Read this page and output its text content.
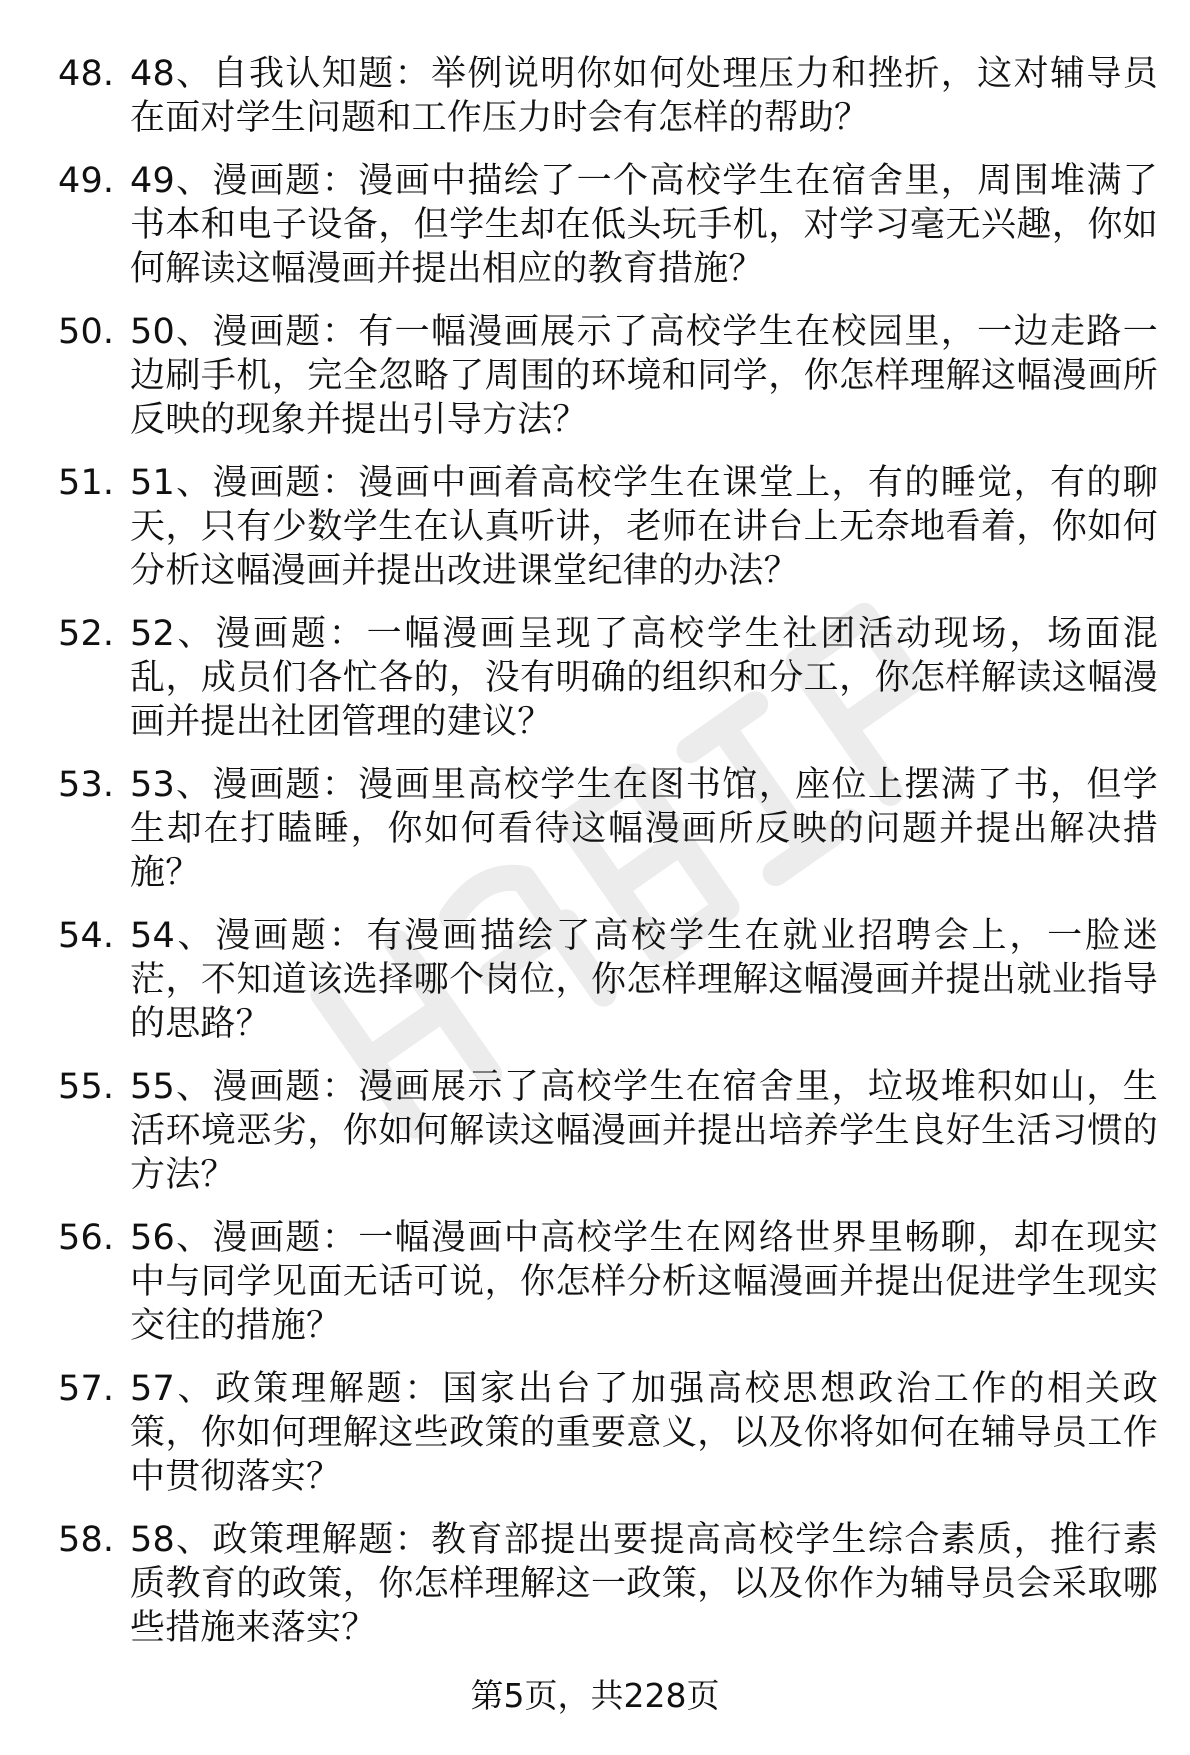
48. 48、自我认知题：举例说明你如何处理压力和挫折，这对辅导员在面对学生问题和工作压力时会有怎样的帮助？
49. 49、漫画题：漫画中描绘了一个高校学生在宿舍里，周围堆满了书本和电子设备，但学生却在低头玩手机，对学习毫无兴趣，你如何解读这幅漫画并提出相应的教育措施？
50. 50、漫画题：有一幅漫画展示了高校学生在校园里，一边走路一边刷手机，完全忽略了周围的环境和同学，你怎样理解这幅漫画所反映的现象并提出引导方法？
51. 51、漫画题：漫画中画着高校学生在课堂上，有的睡觉，有的聊天，只有少数学生在认真听讲，老师在讲台上无奈地看着，你如何分析这幅漫画并提出改进课堂纪律的办法？
52. 52、漫画题：一幅漫画呈现了高校学生社团活动现场，场面混乱，成员们各忙各的，没有明确的组织和分工，你怎样解读这幅漫画并提出社团管理的建议？
53. 53、漫画题：漫画里高校学生在图书馆，座位上摆满了书，但学生却在打瞌睡，你如何看待这幅漫画所反映的问题并提出解决措施？
54. 54、漫画题：有漫画描绘了高校学生在就业招聘会上，一脸迷茫，不知道该选择哪个岗位，你怎样理解这幅漫画并提出就业指导的思路？
55. 55、漫画题：漫画展示了高校学生在宿舍里，垃圾堆积如山，生活环境恶劣，你如何解读这幅漫画并提出培养学生良好生活习惯的方法？
56. 56、漫画题：一幅漫画中高校学生在网络世界里畅聊，却在现实中与同学见面无话可说，你怎样分析这幅漫画并提出促进学生现实交往的措施？
57. 57、政策理解题：国家出台了加强高校思想政治工作的相关政策，你如何理解这些政策的重要意义，以及你将如何在辅导员工作中贯彻落实？
58. 58、政策理解题：教育部提出要提高高校学生综合素质，推行素质教育的政策，你怎样理解这一政策，以及你作为辅导员会采取哪些措施来落实？
第5页，共228页
